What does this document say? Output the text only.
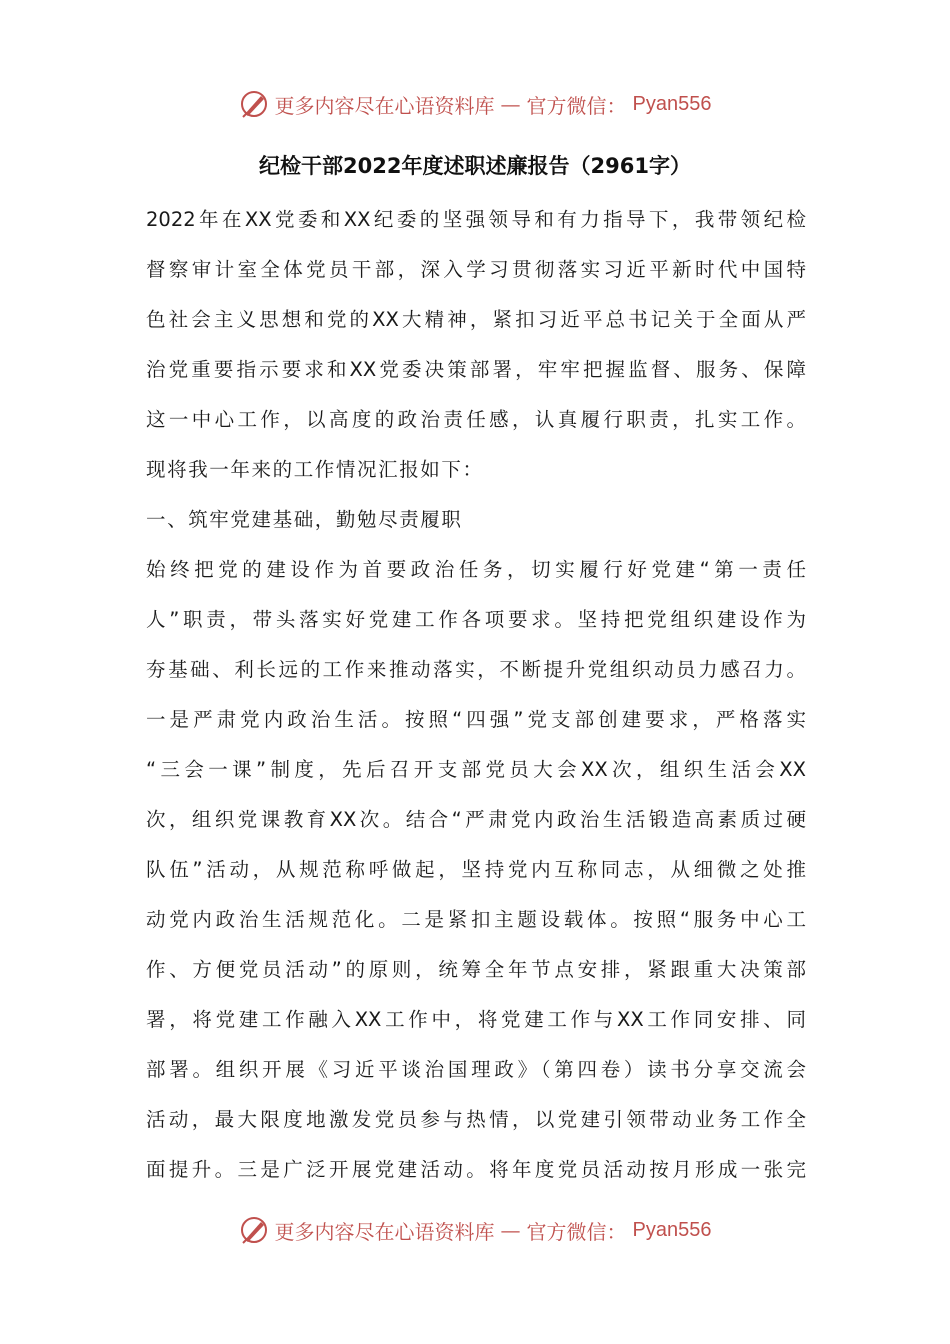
更多内容尽在心语资料库 — 官方微信： Pyan556
纪检干部2022年度述职述廉报告（2961字）
2022年在XX党委和XX纪委的坚强领导和有力指导下，我带领纪检
督察审计室全体党员干部，深入学习贯彻落实习近平新时代中国特
色社会主义思想和党的XX大精神，紧扣习近平总书记关于全面从严
治党重要指示要求和XX党委决策部署，牢牢把握监督、服务、保障
这一中心工作，以高度的政治责任感，认真履行职责，扎实工作。
现将我一年来的工作情况汇报如下：
一、筑牢党建基础，勤勉尽责履职
始终把党的建设作为首要政治任务，切实履行好党建“第一责任
人”职责，带头落实好党建工作各项要求。坚持把党组织建设作为
夯基础、利长远的工作来推动落实，不断提升党组织动员力感召力。
一是严肃党内政治生活。按照“四强”党支部创建要求，严格落实
“三会一课”制度，先后召开支部党员大会XX次，组织生活会XX
次，组织党课教育XX次。结合“严肃党内政治生活锻造高素质过硬
队伍”活动，从规范称呼做起，坚持党内互称同志，从细微之处推
动党内政治生活规范化。二是紧扣主题设载体。按照“服务中心工
作、方便党员活动”的原则，统筹全年节点安排，紧跟重大决策部
署，将党建工作融入XX工作中，将党建工作与XX工作同安排、同
部署。组织开展《习近平谈治国理政》（第四卷）读书分享交流会
活动，最大限度地激发党员参与热情，以党建引领带动业务工作全
面提升。三是广泛开展党建活动。将年度党员活动按月形成一张完
更多内容尽在心语资料库 — 官方微信： Pyan556
